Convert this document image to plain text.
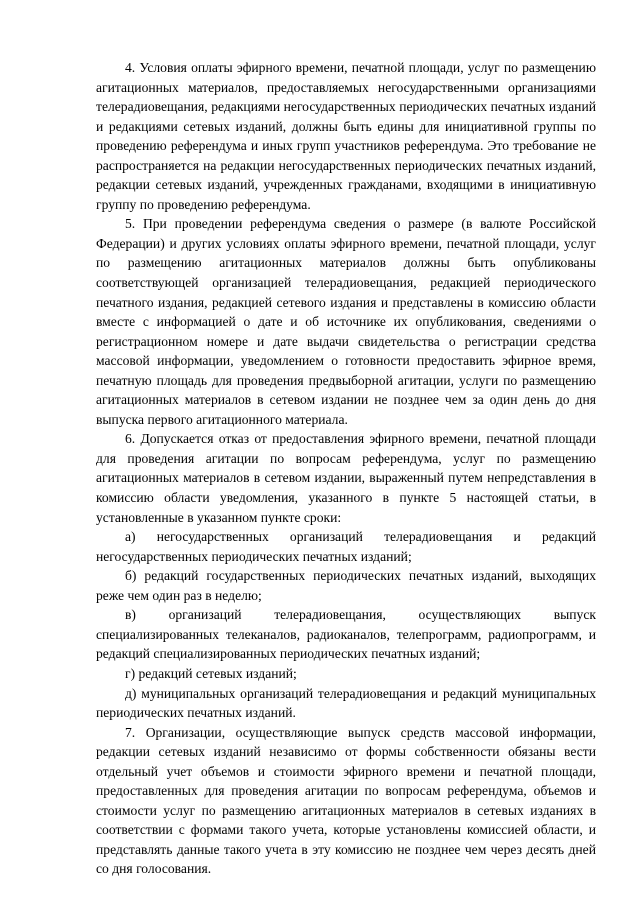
4. Условия оплаты эфирного времени, печатной площади, услуг по размещению агитационных материалов, предоставляемых негосударственными организациями телерадиовещания, редакциями негосударственных периодических печатных изданий и редакциями сетевых изданий, должны быть едины для инициативной группы по проведению референдума и иных групп участников референдума. Это требование не распространяется на редакции негосударственных периодических печатных изданий, редакции сетевых изданий, учрежденных гражданами, входящими в инициативную группу по проведению референдума.

5. При проведении референдума сведения о размере (в валюте Российской Федерации) и других условиях оплаты эфирного времени, печатной площади, услуг по размещению агитационных материалов должны быть опубликованы соответствующей организацией телерадиовещания, редакцией периодического печатного издания, редакцией сетевого издания и представлены в комиссию области вместе с информацией о дате и об источнике их опубликования, сведениями о регистрационном номере и дате выдачи свидетельства о регистрации средства массовой информации, уведомлением о готовности предоставить эфирное время, печатную площадь для проведения предвыборной агитации, услуги по размещению агитационных материалов в сетевом издании не позднее чем за один день до дня выпуска первого агитационного материала.

6. Допускается отказ от предоставления эфирного времени, печатной площади для проведения агитации по вопросам референдума, услуг по размещению агитационных материалов в сетевом издании, выраженный путем непредставления в комиссию области уведомления, указанного в пункте 5 настоящей статьи, в установленные в указанном пункте сроки:

а) негосударственных организаций телерадиовещания и редакций негосударственных периодических печатных изданий;

б) редакций государственных периодических печатных изданий, выходящих реже чем один раз в неделю;

в) организаций телерадиовещания, осуществляющих выпуск специализированных телеканалов, радиоканалов, телепрограмм, радиопрограмм, и редакций специализированных периодических печатных изданий;

г) редакций сетевых изданий;

д) муниципальных организаций телерадиовещания и редакций муниципальных периодических печатных изданий.

7. Организации, осуществляющие выпуск средств массовой информации, редакции сетевых изданий независимо от формы собственности обязаны вести отдельный учет объемов и стоимости эфирного времени и печатной площади, предоставленных для проведения агитации по вопросам референдума, объемов и стоимости услуг по размещению агитационных материалов в сетевых изданиях в соответствии с формами такого учета, которые установлены комиссией области, и представлять данные такого учета в эту комиссию не позднее чем через десять дней со дня голосования.
